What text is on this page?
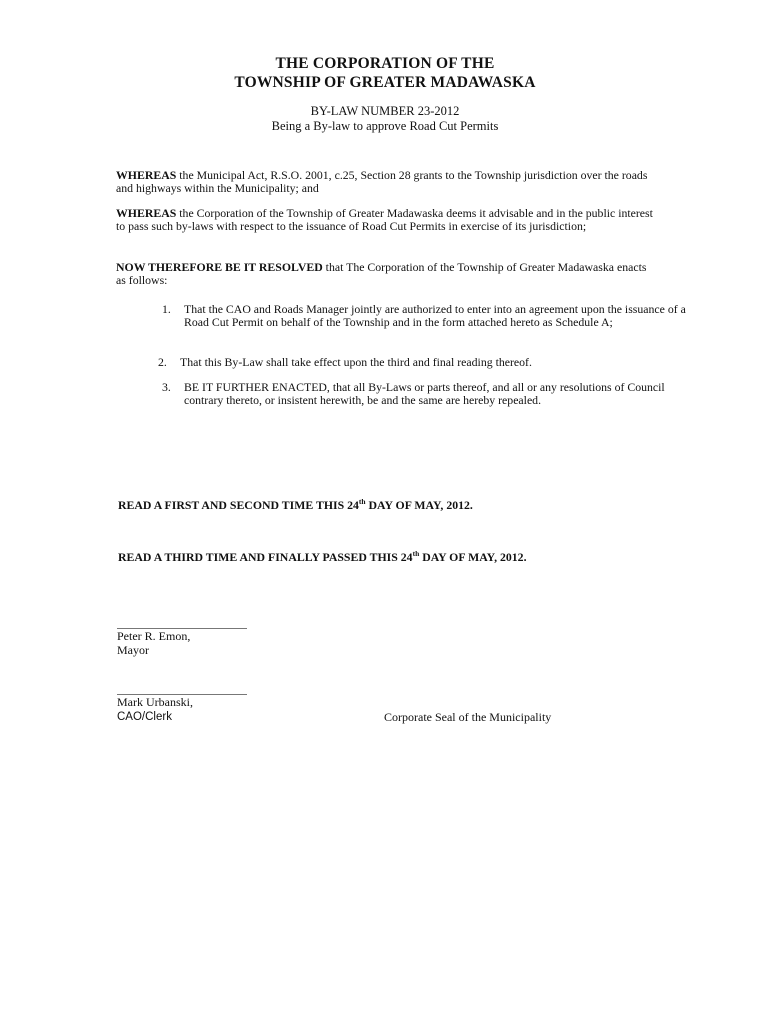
THE CORPORATION OF THE
TOWNSHIP OF GREATER MADAWASKA
BY-LAW NUMBER 23-2012
Being a By-law to approve Road Cut Permits

WHEREAS the Municipal Act, R.S.O. 2001, c.25, Section 28 grants to the Township jurisdiction over the roads and highways within the Municipality; and

WHEREAS the Corporation of the Township of Greater Madawaska deems it advisable and in the public interest to pass such by-laws with respect to the issuance of Road Cut Permits in exercise of its jurisdiction;

NOW THEREFORE BE IT RESOLVED that The Corporation of the Township of Greater Madawaska enacts as follows:

1. That the CAO and Roads Manager jointly are authorized to enter into an agreement upon the issuance of a Road Cut Permit on behalf of the Township and in the form attached hereto as Schedule A;
2. That this By-Law shall take effect upon the third and final reading thereof.
3. BE IT FURTHER ENACTED, that all By-Laws or parts thereof, and all or any resolutions of Council contrary thereto, or insistent herewith, be and the same are hereby repealed.

READ A FIRST AND SECOND TIME THIS 24th DAY OF MAY, 2012.

READ A THIRD TIME AND FINALLY PASSED THIS 24th DAY OF MAY, 2012.

Peter R. Emon,
Mayor
Mark Urbanski,
CAO/Clerk	Corporate Seal of the Municipality
